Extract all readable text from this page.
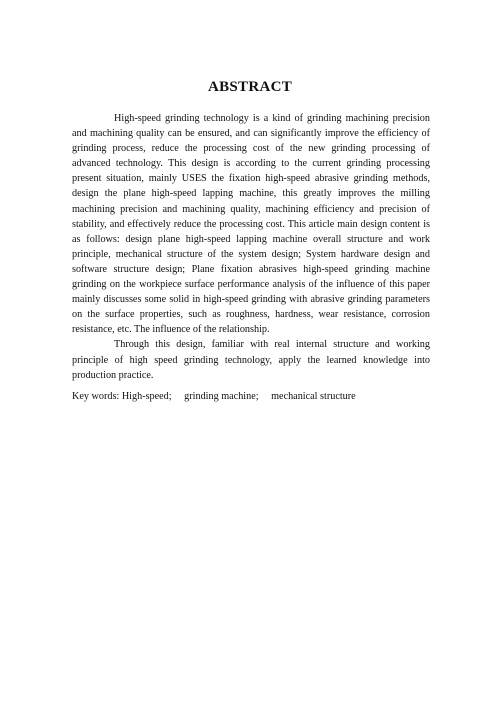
ABSTRACT

High-speed grinding technology is a kind of grinding machining precision and machining quality can be ensured, and can significantly improve the efficiency of grinding process, reduce the processing cost of the new grinding processing of advanced technology. This design is according to the current grinding processing present situation, mainly USES the fixation high-speed abrasive grinding methods, design the plane high-speed lapping machine, this greatly improves the milling machining precision and machining quality, machining efficiency and precision of stability, and effectively reduce the processing cost. This article main design content is as follows: design plane high-speed lapping machine overall structure and work principle, mechanical structure of the system design; System hardware design and software structure design; Plane fixation abrasives high-speed grinding machine grinding on the workpiece surface performance analysis of the influence of this paper mainly discusses some solid in high-speed grinding with abrasive grinding parameters on the surface properties, such as roughness, hardness, wear resistance, corrosion resistance, etc. The influence of the relationship.

Through this design, familiar with real internal structure and working principle of high speed grinding technology, apply the learned knowledge into production practice.

Key words: High-speed; grinding machine; mechanical structure
